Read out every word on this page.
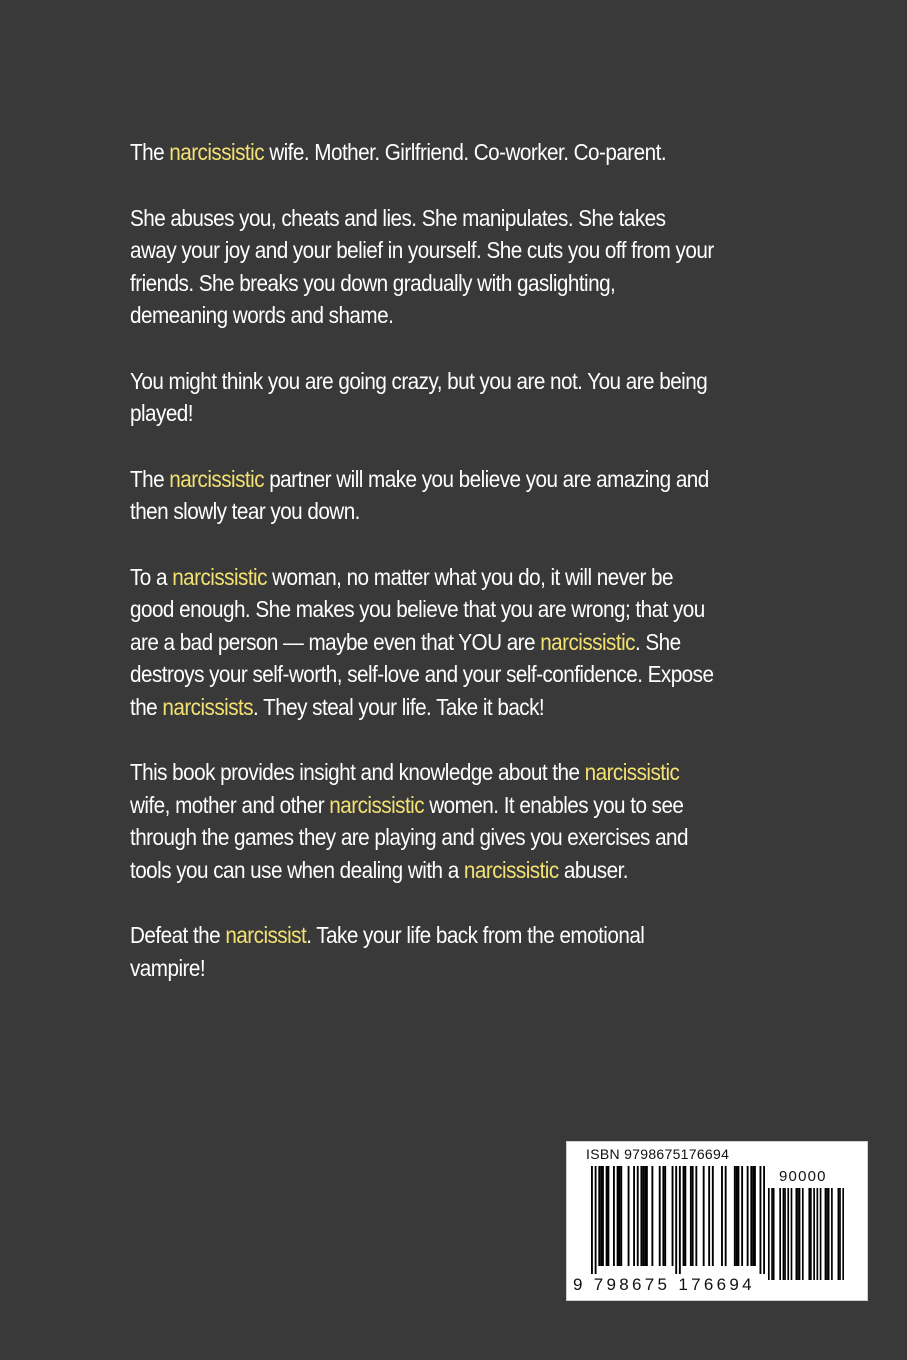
The narcissistic wife. Mother. Girlfriend. Co-worker. Co-parent.

She abuses you, cheats and lies. She manipulates. She takes away your joy and your belief in yourself. She cuts you off from your friends. She breaks you down gradually with gaslighting, demeaning words and shame.

You might think you are going crazy, but you are not. You are being played!

The narcissistic partner will make you believe you are amazing and then slowly tear you down.

To a narcissistic woman, no matter what you do, it will never be good enough. She makes you believe that you are wrong; that you are a bad person — maybe even that YOU are narcissistic. She destroys your self-worth, self-love and your self-confidence. Expose the narcissists. They steal your life. Take it back!

This book provides insight and knowledge about the narcissistic wife, mother and other narcissistic women. It enables you to see through the games they are playing and gives you exercises and tools you can use when dealing with a narcissistic abuser.

Defeat the narcissist. Take your life back from the emotional vampire!

ISBN 9798675176694
90000
9 798675 176694
